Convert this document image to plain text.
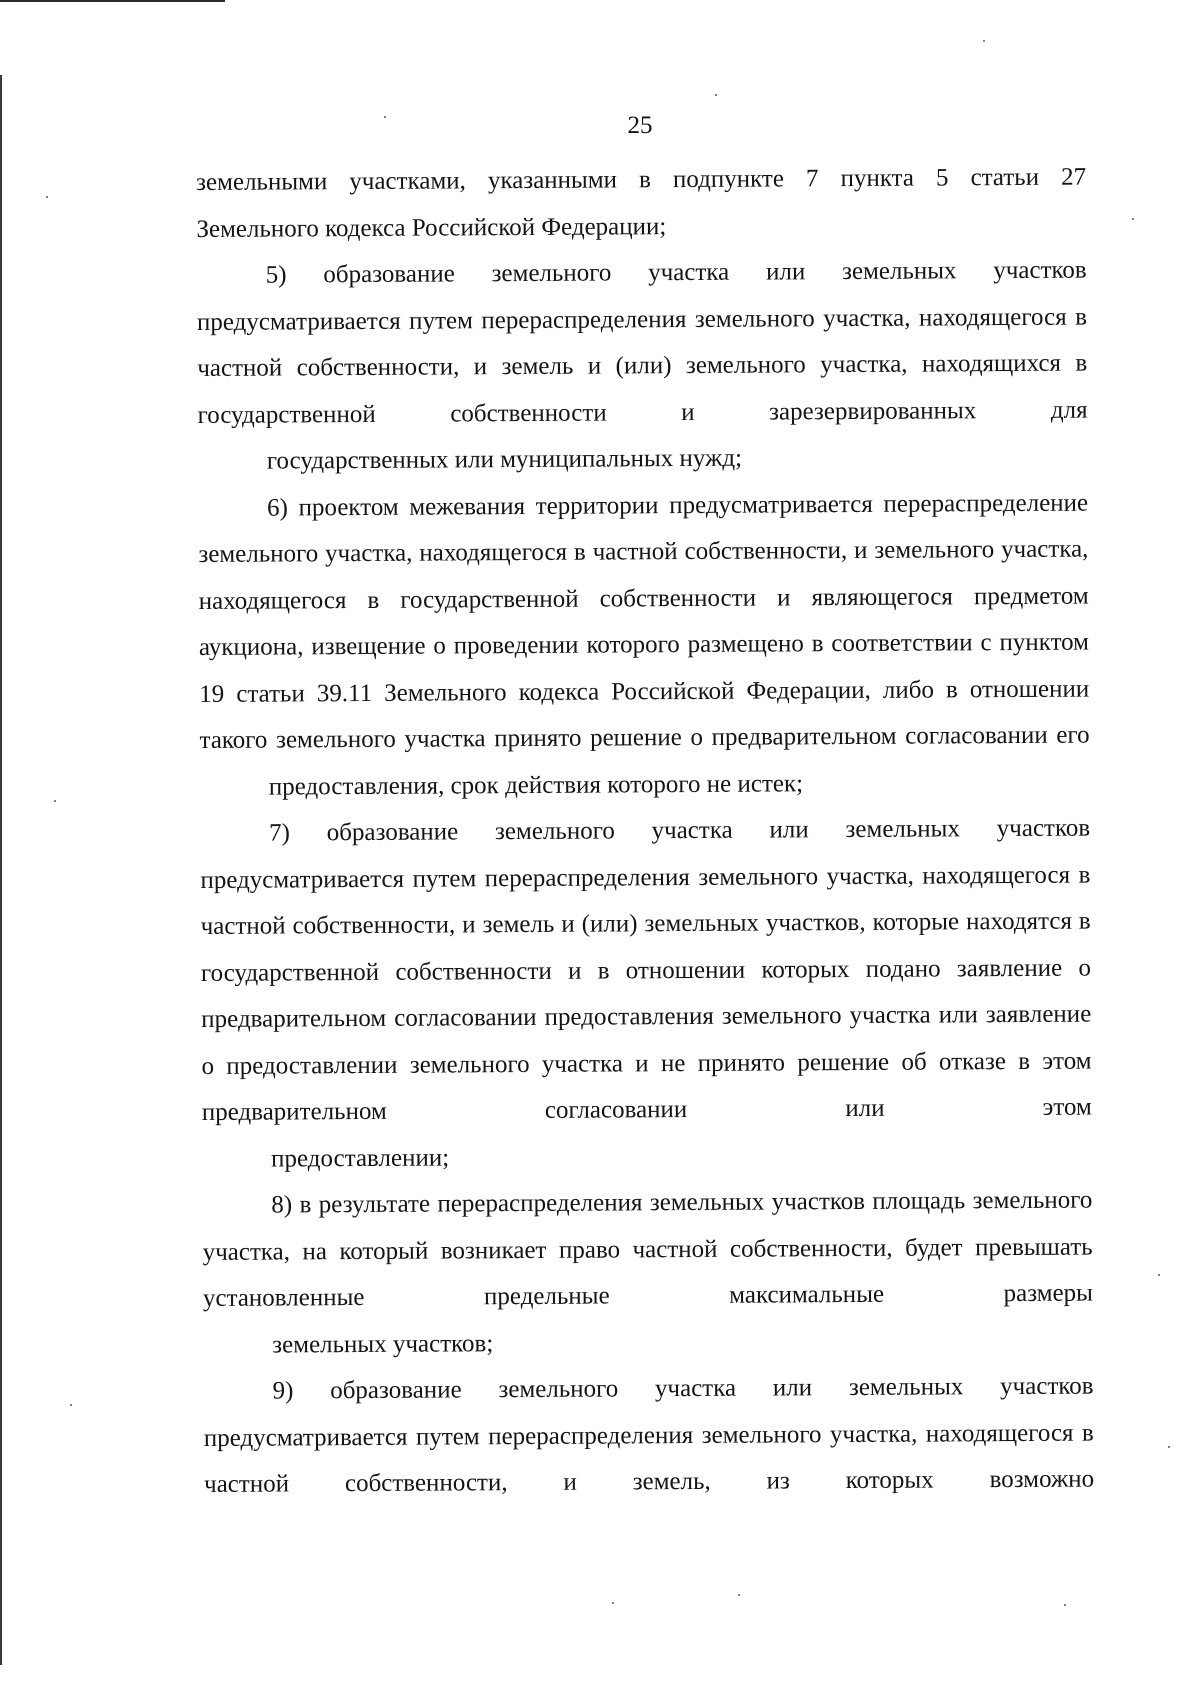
25

земельными участками, указанными в подпункте 7 пункта 5 статьи 27
Земельного кодекса Российской Федерации;

5) образование земельного участка или земельных участков предусматривается путем перераспределения земельного участка, находящегося в частной собственности, и земель и (или) земельного участка, находящихся в государственной собственности и зарезервированных для
государственных или муниципальных нужд;

6) проектом межевания территории предусматривается перераспределение земельного участка, находящегося в частной собственности, и земельного участка, находящегося в государственной собственности и являющегося предметом аукциона, извещение о проведении которого размещено в соответствии с пунктом 19 статьи 39.11 Земельного кодекса Российской Федерации, либо в отношении такого земельного участка принято решение о предварительном согласовании его
предоставления, срок действия которого не истек;

7) образование земельного участка или земельных участков предусматривается путем перераспределения земельного участка, находящегося в частной собственности, и земель и (или) земельных участков, которые находятся в государственной собственности и в отношении которых подано заявление о предварительном согласовании предоставления земельного участка или заявление о предоставлении земельного участка и не принято решение об отказе в этом предварительном согласовании или этом
предоставлении;

8) в результате перераспределения земельных участков площадь земельного участка, на который возникает право частной собственности, будет превышать установленные предельные максимальные размеры
земельных участков;

9) образование земельного участка или земельных участков предусматривается путем перераспределения земельного участка, находящегося в частной собственности, и земель, из которых возможно
